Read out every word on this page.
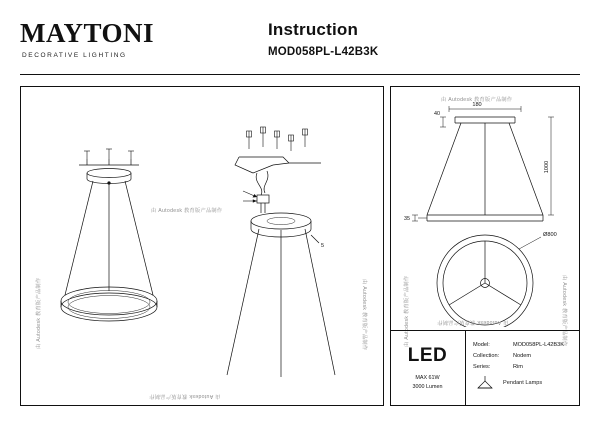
MAYTONI
DECORATIVE LIGHTING
Instruction
MOD058PL-L42B3K
由 Autodesk 教育版产品制作
由 Autodesk 教育版产品制作	由 Autodesk 教育版产品制作
由 Autodesk 教育版产品制作
5
由 Autodesk 教育版产品制作
由 Autodesk 教育版产品制作	由 Autodesk 教育版产品制作
由 Autodesk 教育版产品制作
180
40
1000
35
Ø800
LED
MAX 61W
3000 Lumen
Model:	MOD058PL-L42B3K
Collection:	Nodem
Series:	Rim
Pendant Lamps
